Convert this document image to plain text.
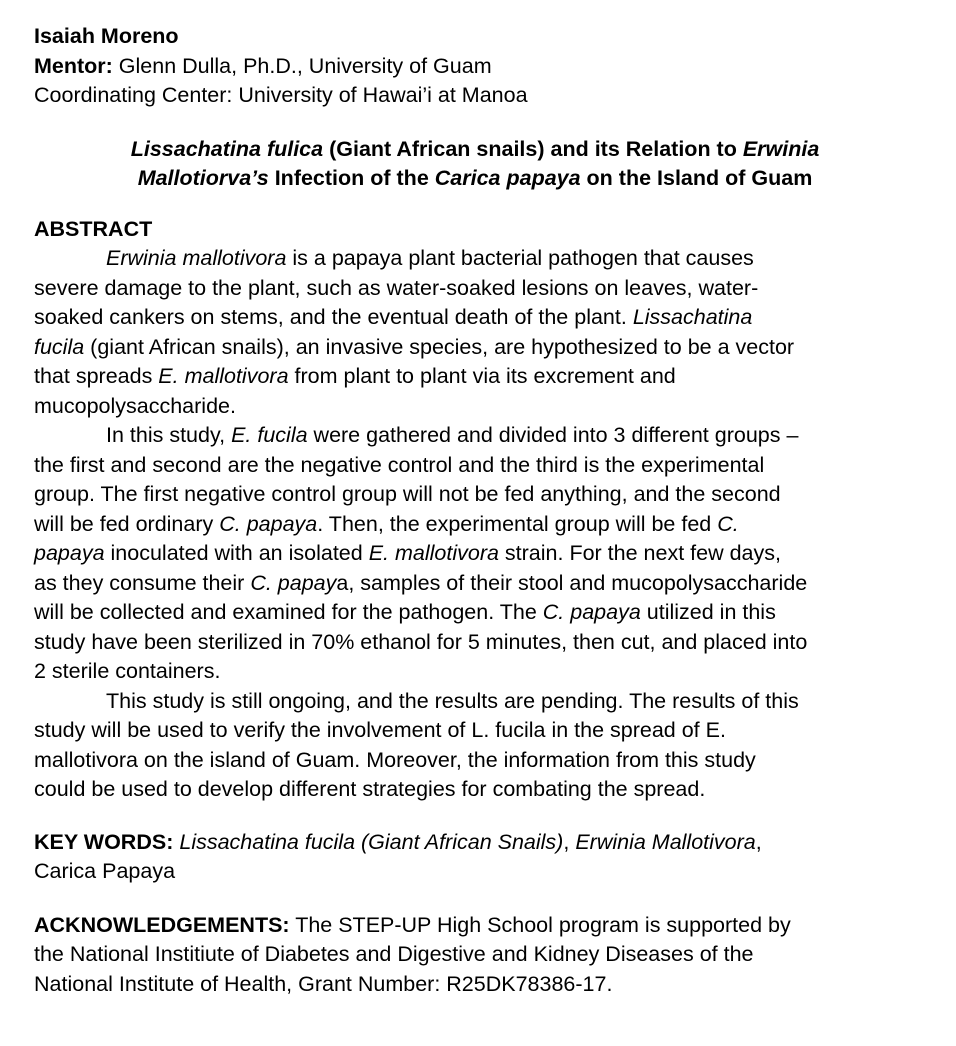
Isaiah Moreno
Mentor: Glenn Dulla, Ph.D., University of Guam
Coordinating Center: University of Hawai’i at Manoa
Lissachatina fulica (Giant African snails) and its Relation to Erwinia
Mallotiorva’s Infection of the Carica papaya on the Island of Guam
ABSTRACT
Erwinia mallotivora is a papaya plant bacterial pathogen that causes
severe damage to the plant, such as water-soaked lesions on leaves, water-
soaked cankers on stems, and the eventual death of the plant. Lissachatina
fucila (giant African snails), an invasive species, are hypothesized to be a vector
that spreads E. mallotivora from plant to plant via its excrement and
mucopolysaccharide.
In this study, E. fucila were gathered and divided into 3 different groups –
the first and second are the negative control and the third is the experimental
group. The first negative control group will not be fed anything, and the second
will be fed ordinary C. papaya. Then, the experimental group will be fed C.
papaya inoculated with an isolated E. mallotivora strain. For the next few days,
as they consume their C. papaya, samples of their stool and mucopolysaccharide
will be collected and examined for the pathogen. The C. papaya utilized in this
study have been sterilized in 70% ethanol for 5 minutes, then cut, and placed into
2 sterile containers.
This study is still ongoing, and the results are pending. The results of this
study will be used to verify the involvement of L. fucila in the spread of E.
mallotivora on the island of Guam. Moreover, the information from this study
could be used to develop different strategies for combating the spread.
KEY WORDS: Lissachatina fucila (Giant African Snails), Erwinia Mallotivora,
Carica Papaya
ACKNOWLEDGEMENTS: The STEP-UP High School program is supported by
the National Institiute of Diabetes and Digestive and Kidney Diseases of the
National Institute of Health, Grant Number: R25DK78386-17.
